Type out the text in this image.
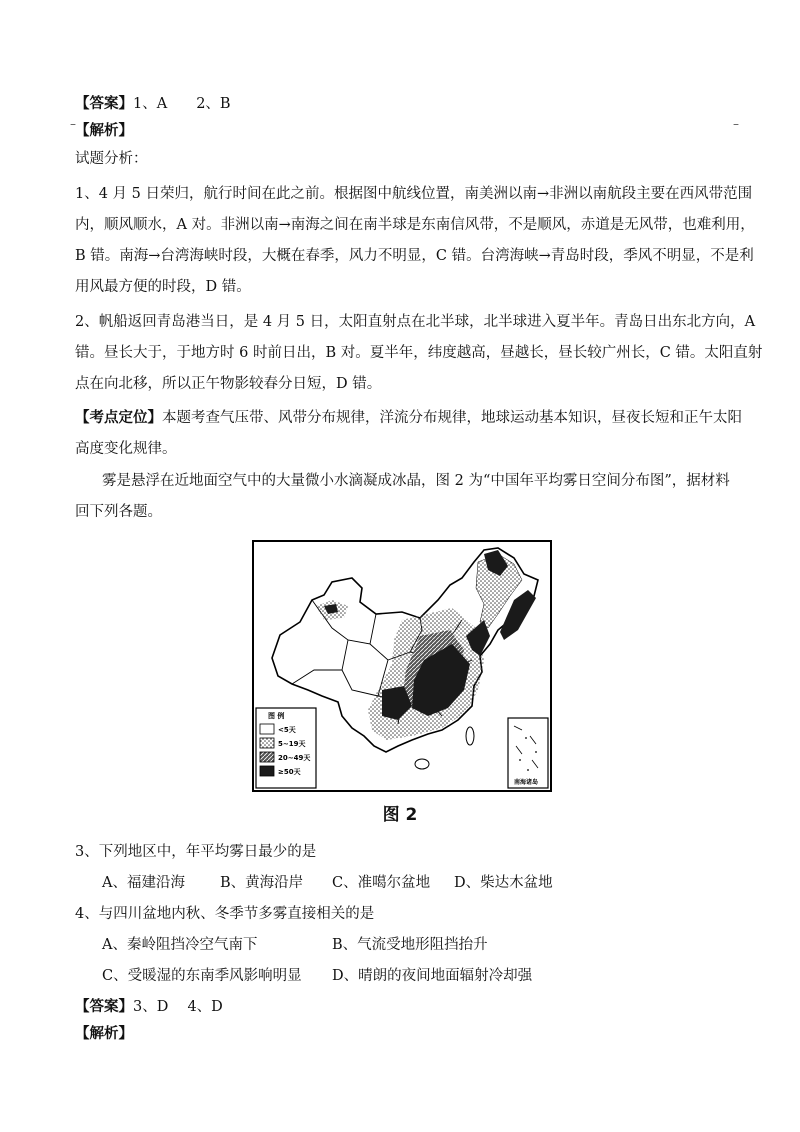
【答案】1、A　　2、B
–	–
【解析】
试题分析：
1、4 月 5 日荣归，航行时间在此之前。根据图中航线位置，南美洲以南→非洲以南航段主要在西风带范围
内，顺风顺水，A 对。非洲以南→南海之间在南半球是东南信风带，不是顺风，赤道是无风带，也难利用，
B 错。南海→台湾海峡时段，大概在春季，风力不明显，C 错。台湾海峡→青岛时段，季风不明显，不是利
用风最方便的时段，D 错。
2、帆船返回青岛港当日，是 4 月 5 日，太阳直射点在北半球，北半球进入夏半年。青岛日出东北方向，A
错。昼长大于，于地方时 6 时前日出，B 对。夏半年，纬度越高，昼越长，昼长较广州长，C 错。太阳直射
点在向北移，所以正午物影较春分日短，D 错。
【考点定位】本题考查气压带、风带分布规律，洋流分布规律，地球运动基本知识，昼夜长短和正午太阳
高度变化规律。
雾是悬浮在近地面空气中的大量微小水滴凝成冰晶，图 2 为“中国年平均雾日空间分布图”，据材料
回下列各题。
图 例
<5天
5~19天
20~49天
≥50天
南海诸岛
图 2
3、下列地区中，年平均雾日最少的是
A、福建沿海 B、黄海沿岸 C、准噶尔盆地 D、柴达木盆地
4、与四川盆地内秋、冬季节多雾直接相关的是
A、秦岭阻挡冷空气南下	B、气流受地形阻挡抬升
C、受暖湿的东南季风影响明显 D、晴朗的夜间地面辐射冷却强
【答案】3、D　 4、D
【解析】
